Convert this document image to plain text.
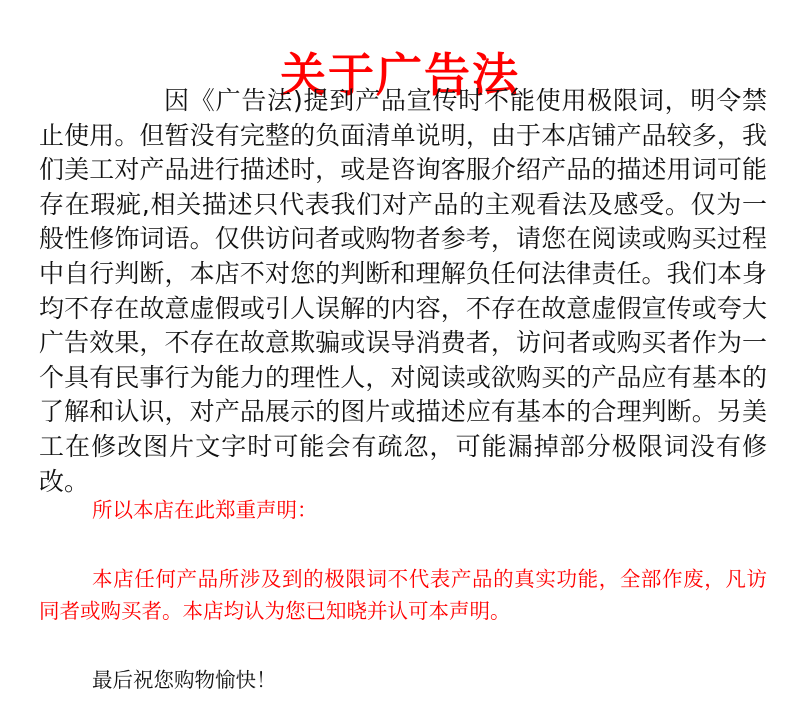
关于广告法

因《广告法)提到产品宣传时不能使用极限词，明令禁止使用。但暂没有完整的负面清单说明，由于本店铺产品较多，我们美工对产品进行描述时，或是咨询客服介绍产品的描述用词可能存在瑕疵,相关描述只代表我们对产品的主观看法及感受。仅为一般性修饰词语。仅供访问者或购物者参考，请您在阅读或购买过程中自行判断，本店不对您的判断和理解负任何法律责任。我们本身均不存在故意虚假或引人误解的内容，不存在故意虚假宣传或夸大广告效果，不存在故意欺骗或误导消费者，访问者或购买者作为一个具有民事行为能力的理性人，对阅读或欲购买的产品应有基本的了解和认识，对产品展示的图片或描述应有基本的合理判断。另美工在修改图片文字时可能会有疏忽，可能漏掉部分极限词没有修改。

所以本店在此郑重声明：

本店任何产品所涉及到的极限词不代表产品的真实功能，全部作废，凡访同者或购买者。本店均认为您已知晓并认可本声明。

最后祝您购物愉快！
